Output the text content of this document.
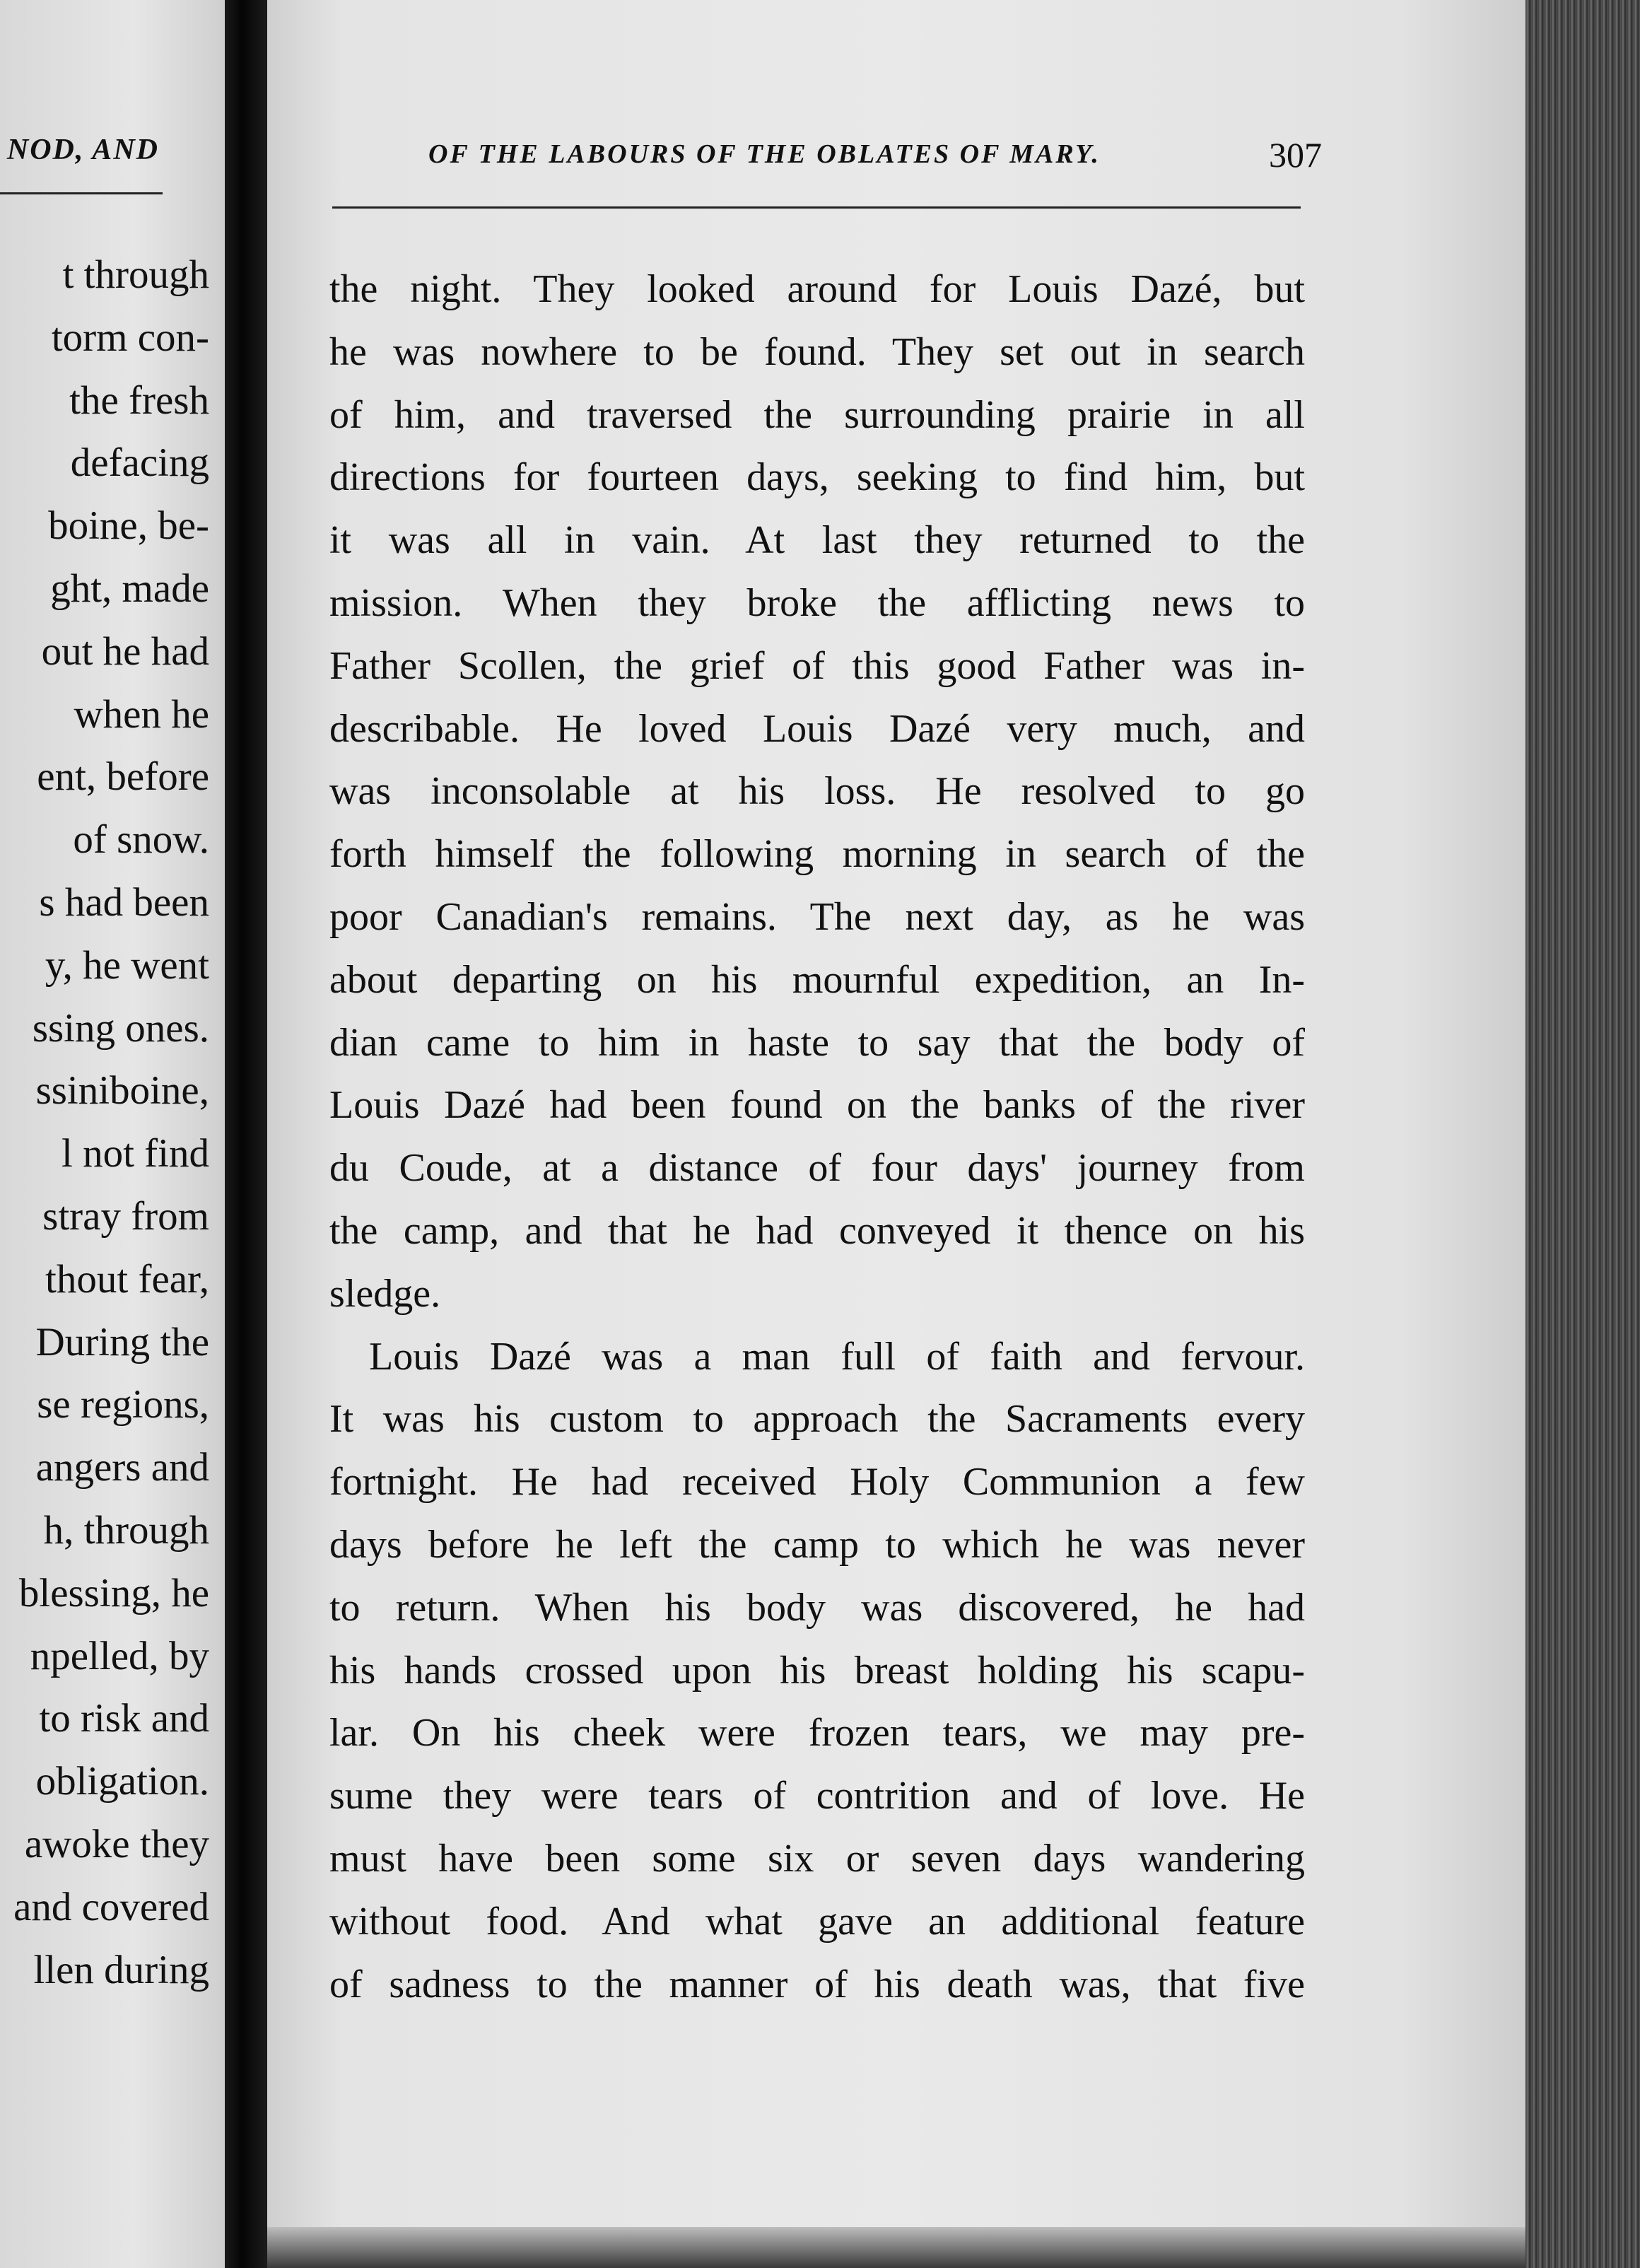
NOD, AND
t through
torm con-
the fresh
defacing
boine, be-
ght, made
out he had
when he
ent, before
of snow.
s had been
y, he went
ssing ones.
ssiniboine,
l not find
stray from
thout fear,
During the
se regions,
angers and
h, through
blessing, he
npelled, by
to risk and
obligation.
awoke they
and covered
llen during
OF THE LABOURS OF THE OBLATES OF MARY.	307
the night. They looked around for Louis Dazé, but
he was nowhere to be found. They set out in search
of him, and traversed the surrounding prairie in all
directions for fourteen days, seeking to find him, but
it was all in vain. At last they returned to the
mission. When they broke the afflicting news to
Father Scollen, the grief of this good Father was in-
describable. He loved Louis Dazé very much, and
was inconsolable at his loss. He resolved to go
forth himself the following morning in search of the
poor Canadian's remains. The next day, as he was
about departing on his mournful expedition, an In-
dian came to him in haste to say that the body of
Louis Dazé had been found on the banks of the river
du Coude, at a distance of four days' journey from
the camp, and that he had conveyed it thence on his
sledge.
Louis Dazé was a man full of faith and fervour.
It was his custom to approach the Sacraments every
fortnight. He had received Holy Communion a few
days before he left the camp to which he was never
to return. When his body was discovered, he had
his hands crossed upon his breast holding his scapu-
lar. On his cheek were frozen tears, we may pre-
sume they were tears of contrition and of love. He
must have been some six or seven days wandering
without food. And what gave an additional feature
of sadness to the manner of his death was, that five
